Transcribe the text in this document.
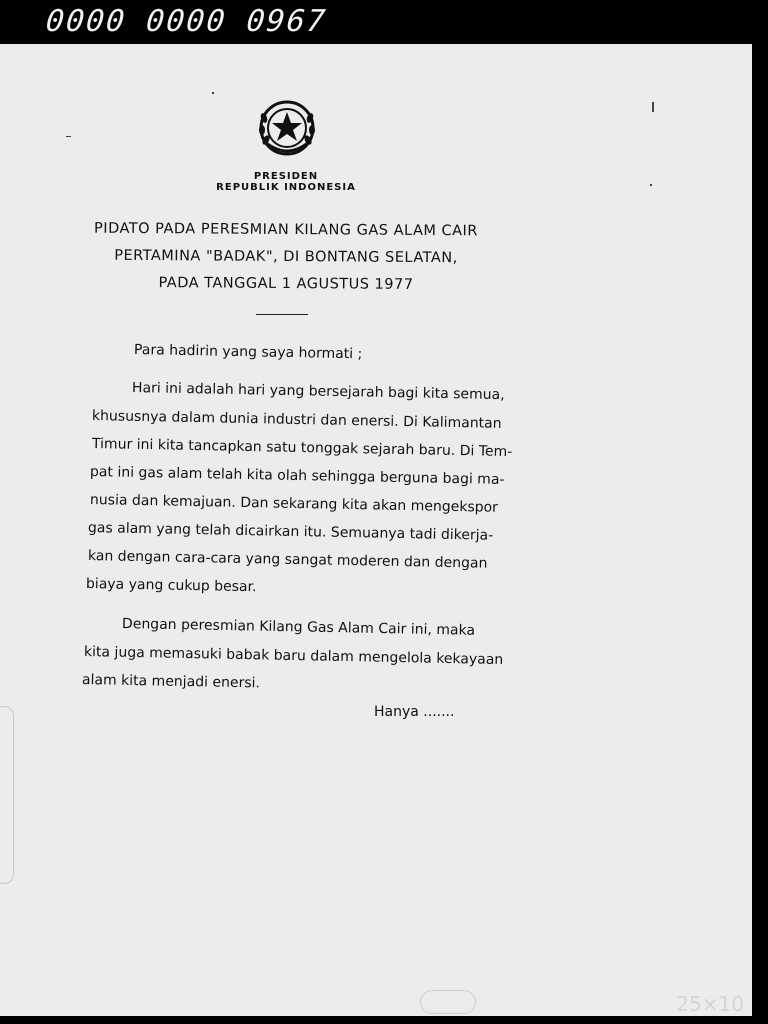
0000 0000 0967
PRESIDEN
REPUBLIK INDONESIA
PIDATO PADA PERESMIAN KILANG GAS ALAM CAIR
PERTAMINA "BADAK", DI BONTANG SELATAN,
PADA TANGGAL 1 AGUSTUS 1977
Para hadirin yang saya hormati ;
Hari ini adalah hari yang bersejarah bagi kita semua,
khususnya dalam dunia industri dan enersi. Di Kalimantan
Timur ini kita tancapkan satu tonggak sejarah baru. Di Tem-
pat ini gas alam telah kita olah sehingga berguna bagi ma-
nusia dan kemajuan. Dan sekarang kita akan mengekspor
gas alam yang telah dicairkan itu. Semuanya tadi dikerja-
kan dengan cara-cara yang sangat moderen dan dengan
biaya yang cukup besar.
Dengan peresmian Kilang Gas Alam Cair ini, maka
kita juga memasuki babak baru dalam mengelola kekayaan
alam kita menjadi enersi.
Hanya .......
25×10
